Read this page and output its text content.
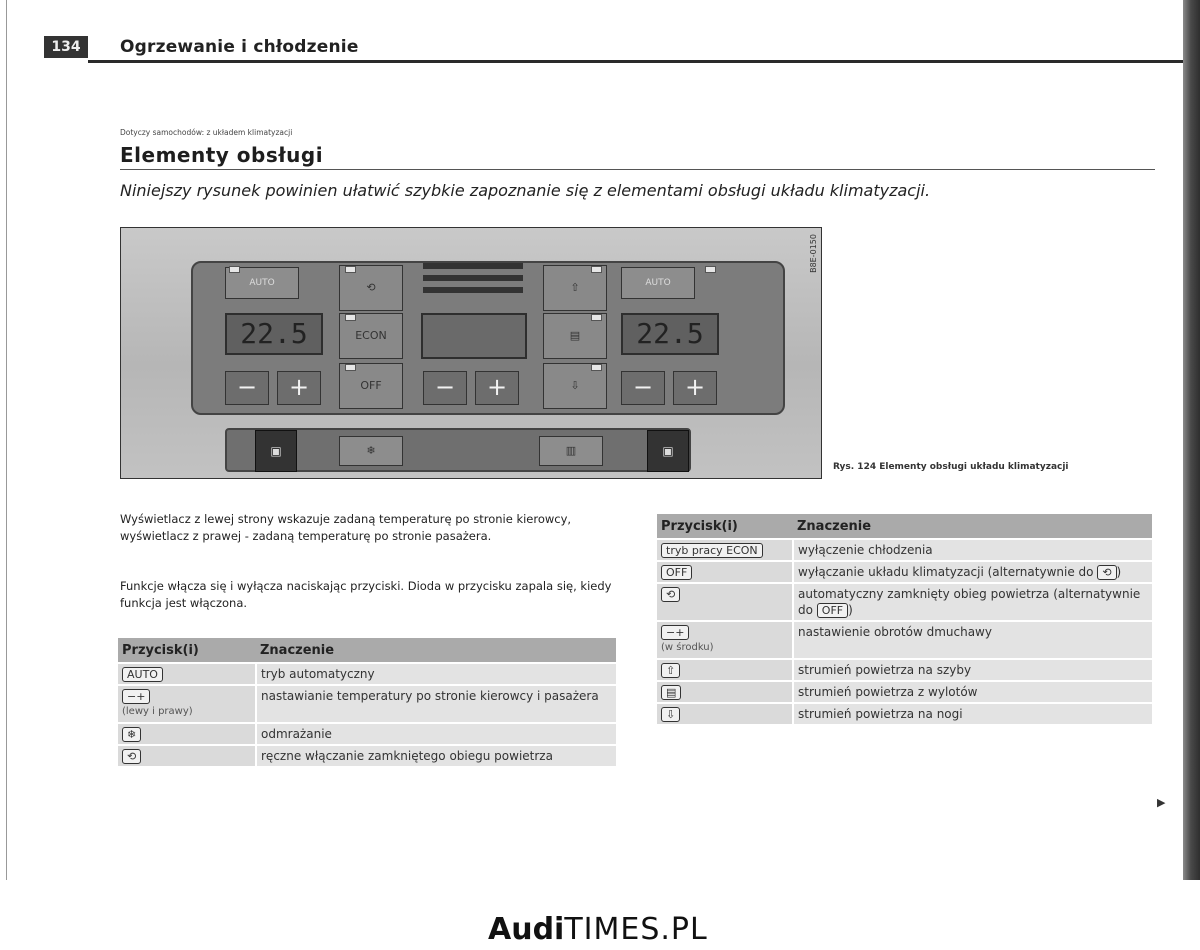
134	Ogrzewanie i chłodzenie
Dotyczy samochodów: z układem klimatyzacji
Elementy obsługi
Niniejszy rysunek powinien ułatwić szybkie zapoznanie się z elementami obsługi układu klimatyzacji.
AUTO
22.5
−	+
⟲
ECON
OFF	−	+
⇧
▤
⇩
AUTO
22.5
−	+
▣	❄	▥	▣
B8E-0150
Rys. 124 Elementy obsługi układu klimatyzacji
Wyświetlacz z lewej strony wskazuje zadaną temperaturę po stronie kierowcy, wyświetlacz z prawej - zadaną temperaturę po stronie pasażera.
Funkcje włącza się i wyłącza naciskając przyciski. Dioda w przycisku zapala się, kiedy funkcja jest włączona.
Przycisk(i)	Znaczenie
AUTO	tryb automatyczny
−+
(lewy i prawy)	nastawianie temperatury po stronie kierowcy i pasażera
❄	odmrażanie
⟲	ręczne włączanie zamkniętego obiegu powietrza
Przycisk(i)	Znaczenie
tryb pracy ECON	wyłączenie chłodzenia
OFF	wyłączanie układu klimatyzacji (alternatywnie do ⟲ )
⟲	automatyczny zamknięty obieg powietrza (alternatywnie do OFF )
−+
(w środku)	nastawienie obrotów dmuchawy
⇧	strumień powietrza na szyby
▤	strumień powietrza z wylotów
⇩	strumień powietrza na nogi
▶
AudiTIMES.PL
